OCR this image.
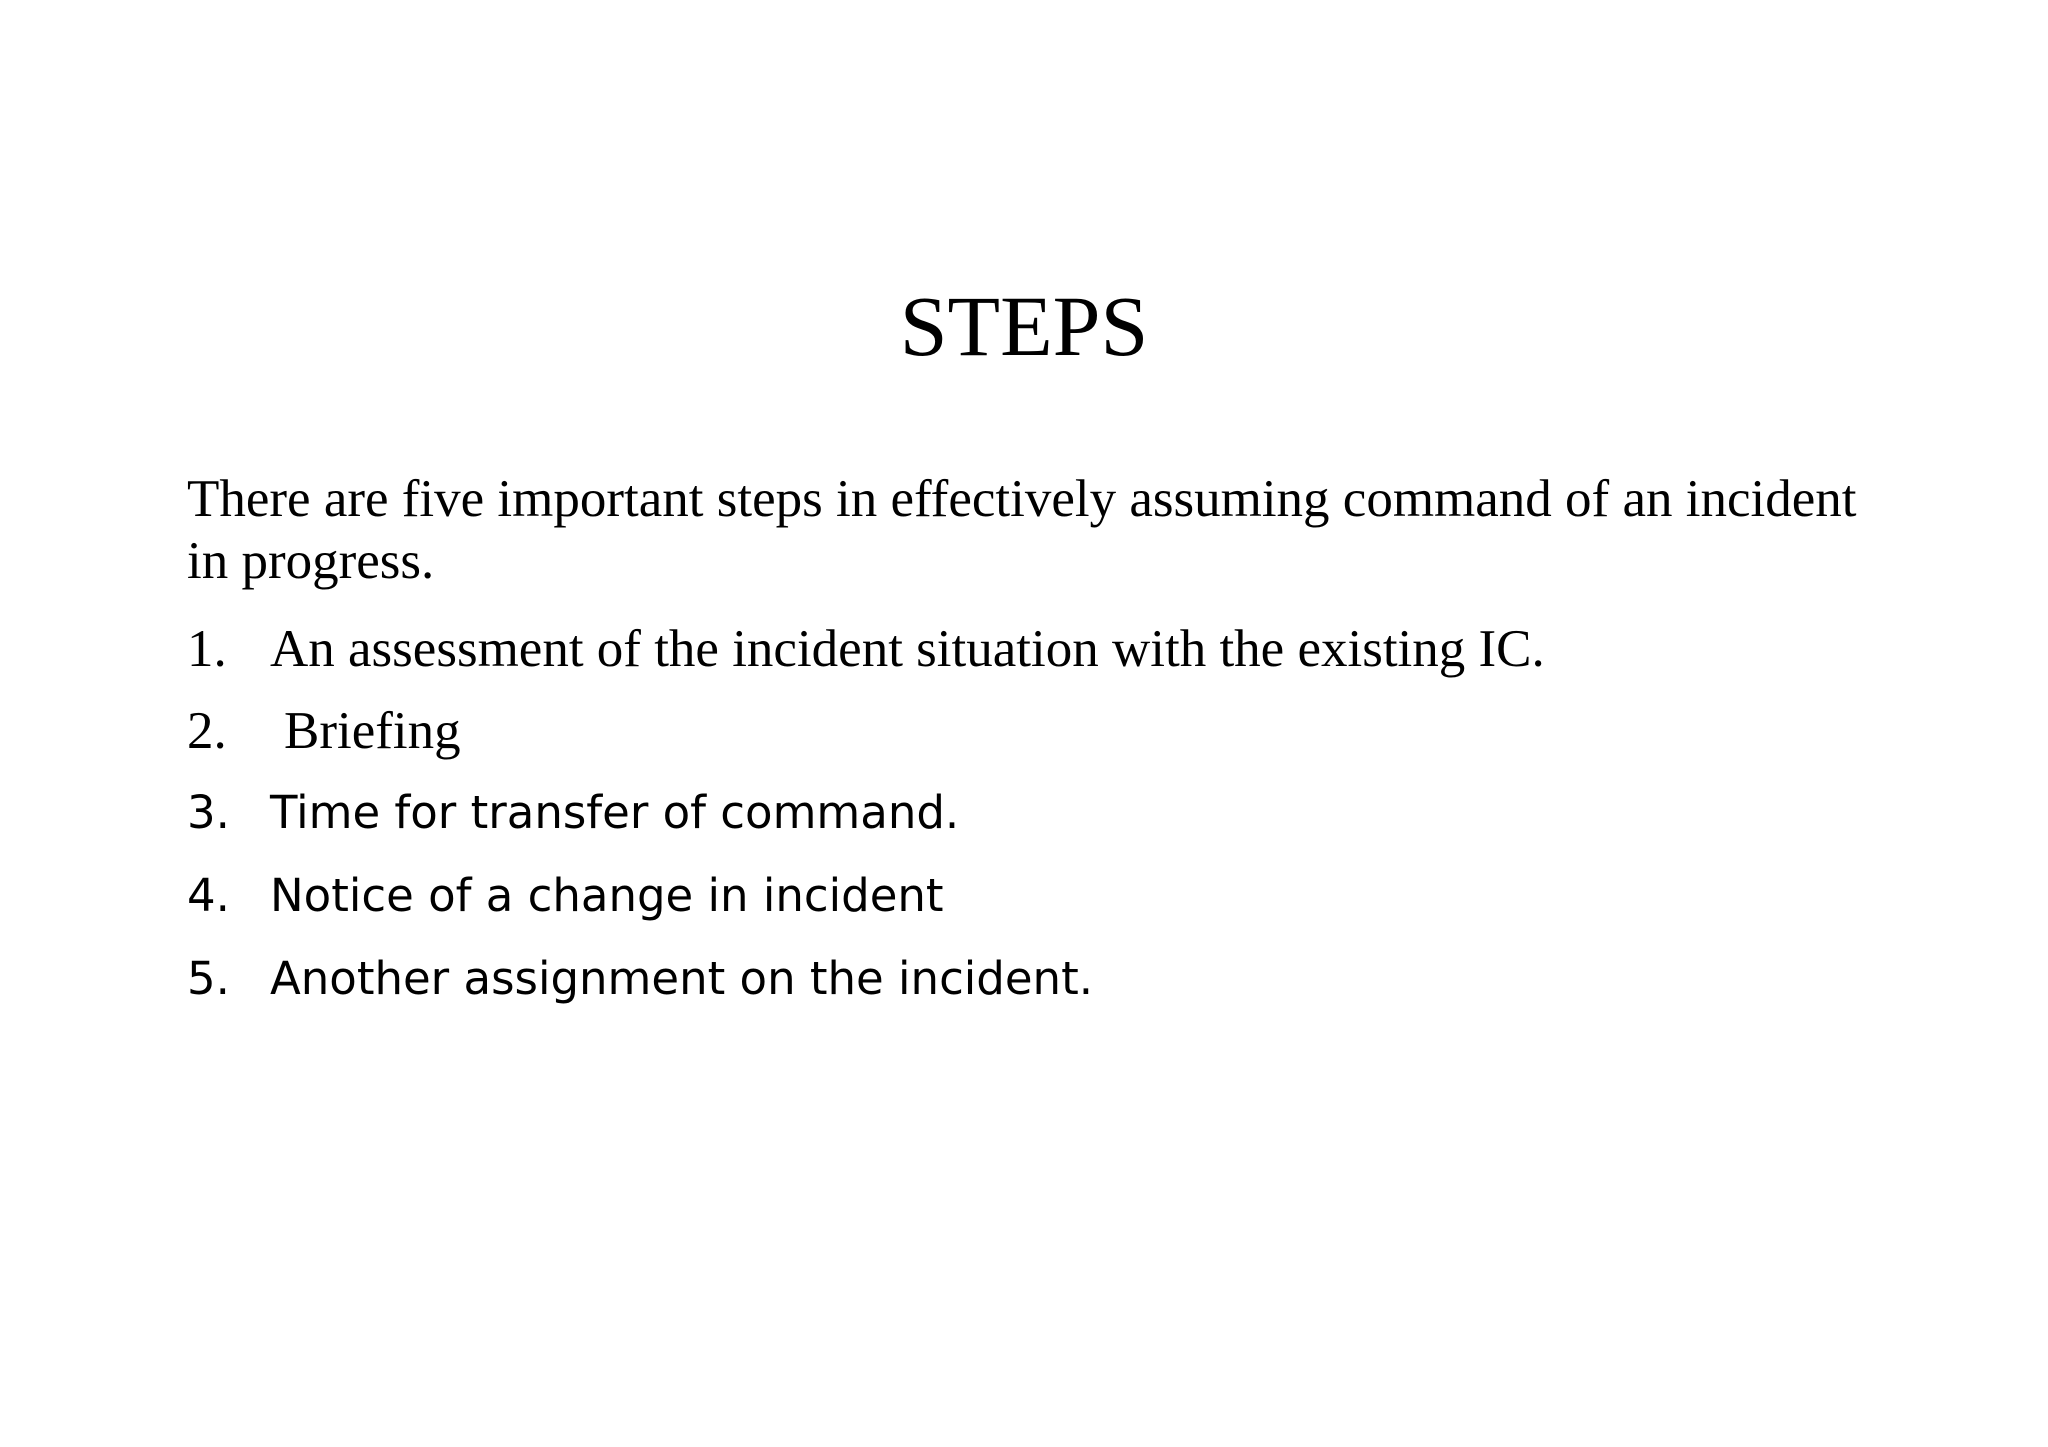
STEPS

There are five important steps in effectively assuming command of an incident in progress.

1. An assessment of the incident situation with the existing IC.
2. Briefing
3. Time for transfer of command.
4. Notice of a change in incident
5. Another assignment on the incident.
